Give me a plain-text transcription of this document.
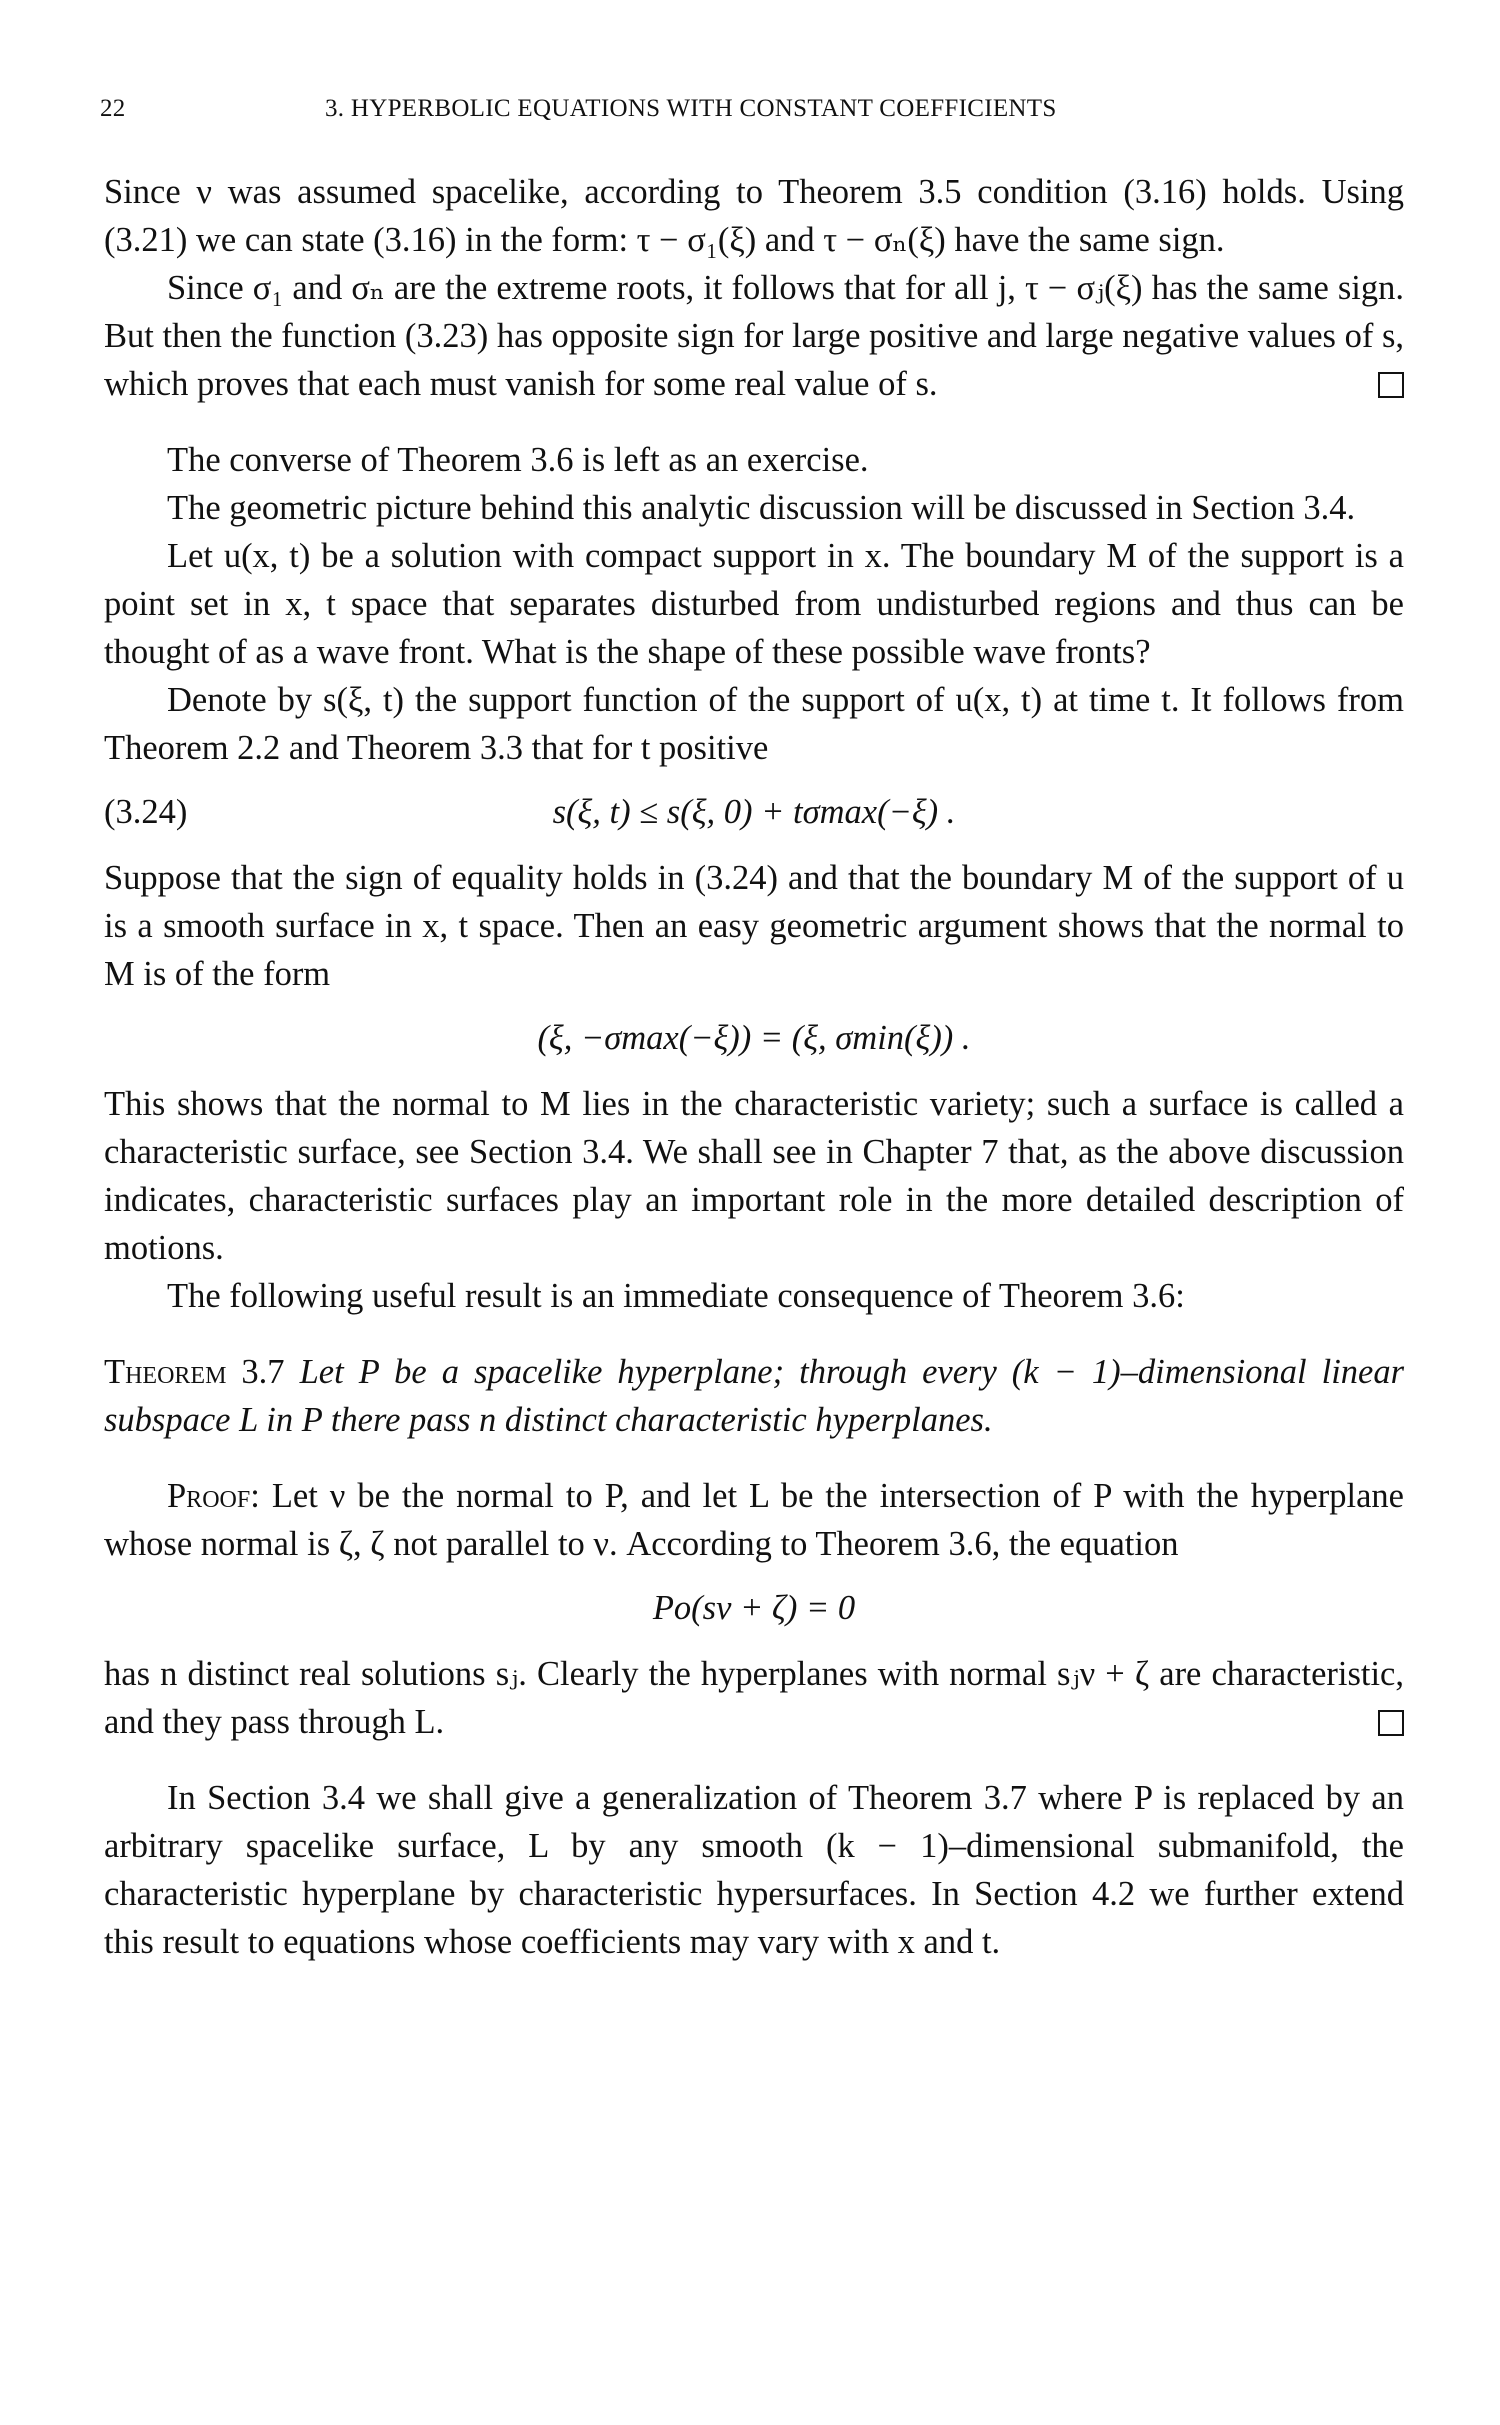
22	3. HYPERBOLIC EQUATIONS WITH CONSTANT COEFFICIENTS

Since ν was assumed spacelike, according to Theorem 3.5 condition (3.16) holds. Using (3.21) we can state (3.16) in the form: τ − σ₁(ξ) and τ − σₙ(ξ) have the same sign.

Since σ₁ and σₙ are the extreme roots, it follows that for all j, τ − σⱼ(ξ) has the same sign. But then the function (3.23) has opposite sign for large positive and large negative values of s, which proves that each must vanish for some real value of s.

The converse of Theorem 3.6 is left as an exercise.

The geometric picture behind this analytic discussion will be discussed in Section 3.4.

Let u(x, t) be a solution with compact support in x. The boundary M of the support is a point set in x, t space that separates disturbed from undisturbed regions and thus can be thought of as a wave front. What is the shape of these possible wave fronts?

Denote by s(ξ, t) the support function of the support of u(x, t) at time t. It follows from Theorem 2.2 and Theorem 3.3 that for t positive

(3.24)	s(ξ, t) ≤ s(ξ, 0) + tσmax(−ξ) .

Suppose that the sign of equality holds in (3.24) and that the boundary M of the support of u is a smooth surface in x, t space. Then an easy geometric argument shows that the normal to M is of the form

(ξ, −σmax(−ξ)) = (ξ, σmin(ξ)) .

This shows that the normal to M lies in the characteristic variety; such a surface is called a characteristic surface, see Section 3.4. We shall see in Chapter 7 that, as the above discussion indicates, characteristic surfaces play an important role in the more detailed description of motions.

The following useful result is an immediate consequence of Theorem 3.6:

Theorem 3.7 Let P be a spacelike hyperplane; through every (k − 1)–dimensional linear subspace L in P there pass n distinct characteristic hyperplanes.

Proof: Let ν be the normal to P, and let L be the intersection of P with the hyperplane whose normal is ζ, ζ not parallel to ν. According to Theorem 3.6, the equation

Po(sν + ζ) = 0

has n distinct real solutions sⱼ. Clearly the hyperplanes with normal sⱼν + ζ are characteristic, and they pass through L.

In Section 3.4 we shall give a generalization of Theorem 3.7 where P is replaced by an arbitrary spacelike surface, L by any smooth (k − 1)–dimensional submanifold, the characteristic hyperplane by characteristic hypersurfaces. In Section 4.2 we further extend this result to equations whose coefficients may vary with x and t.
